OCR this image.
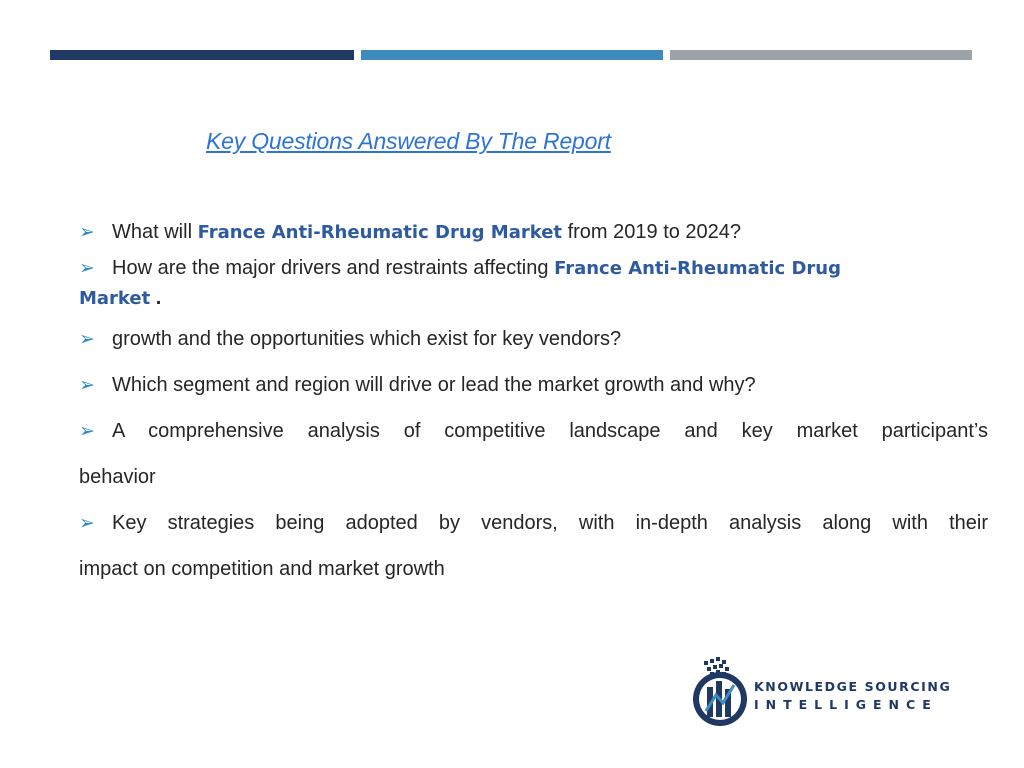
Key Questions Answered By The Report
➢ What will France Anti-Rheumatic Drug Market from 2019 to 2024?
➢ How are the major drivers and restraints affecting France Anti-Rheumatic Drug
Market .
➢ growth and the opportunities which exist for key vendors?
➢ Which segment and region will drive or lead the market growth and why?
➢ A comprehensive analysis of competitive landscape and key market participant’s
behavior
➢ Key strategies being adopted by vendors, with in-depth analysis along with their
impact on competition and market growth
KNOWLEDGE SOURCING
INTELLIGENCE
